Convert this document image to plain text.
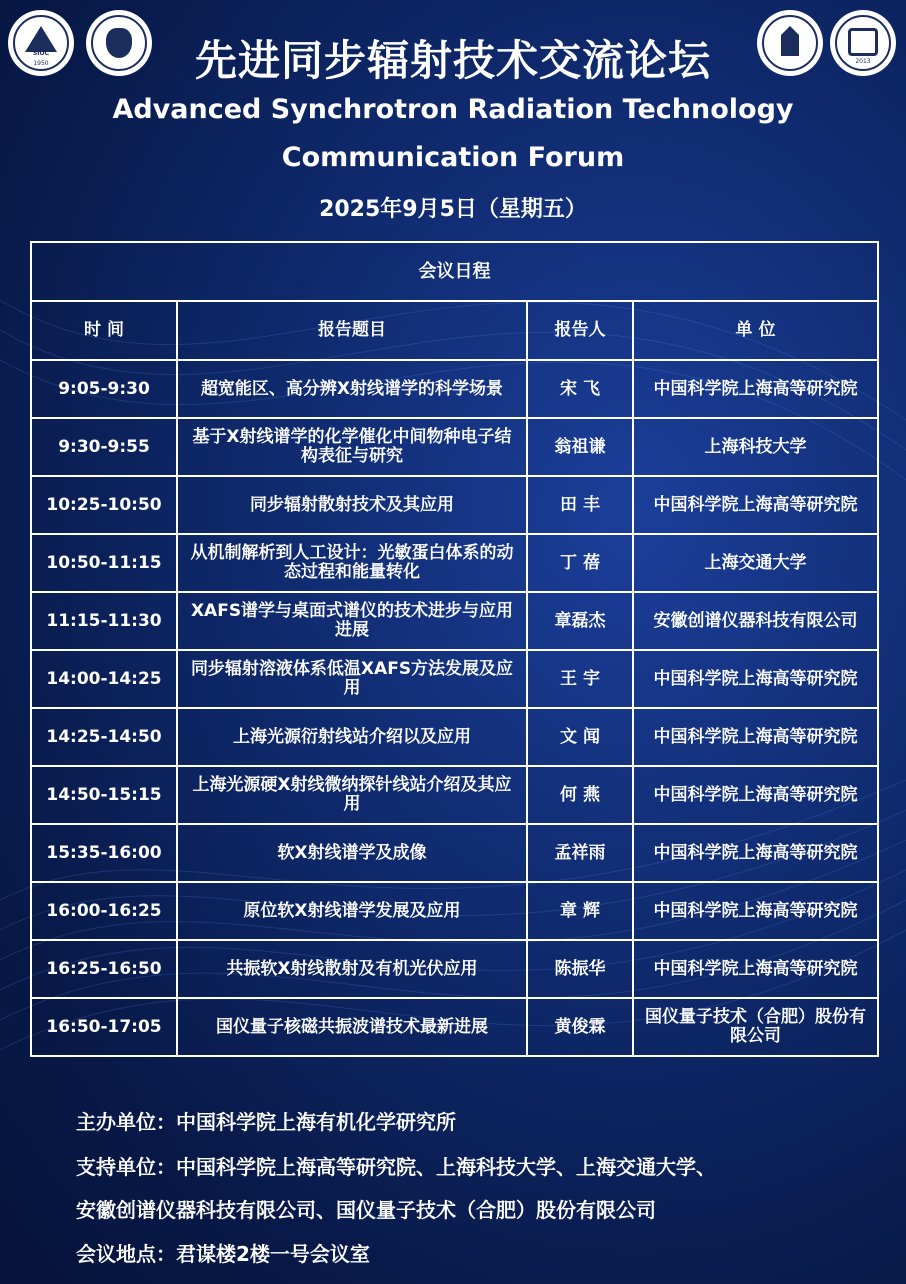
1950
SIOC
2013
先进同步辐射技术交流论坛
Advanced Synchrotron Radiation Technology
Communication Forum
2025年9月5日（星期五）
会议日程			
时 间	报告题目	报告人	单 位
9:05-9:30	超宽能区、高分辨X射线谱学的科学场景	宋 飞	中国科学院上海高等研究院
9:30-9:55	基于X射线谱学的化学催化中间物种电子结构表征与研究	翁祖谦	上海科技大学
10:25-10:50	同步辐射散射技术及其应用	田 丰	中国科学院上海高等研究院
10:50-11:15	从机制解析到人工设计：光敏蛋白体系的动态过程和能量转化	丁 蓓	上海交通大学
11:15-11:30	XAFS谱学与桌面式谱仪的技术进步与应用进展	章磊杰	安徽创谱仪器科技有限公司
14:00-14:25	同步辐射溶液体系低温XAFS方法发展及应用	王 宇	中国科学院上海高等研究院
14:25-14:50	上海光源衍射线站介绍以及应用	文 闻	中国科学院上海高等研究院
14:50-15:15	上海光源硬X射线微纳探针线站介绍及其应用	何 燕	中国科学院上海高等研究院
15:35-16:00	软X射线谱学及成像	孟祥雨	中国科学院上海高等研究院
16:00-16:25	原位软X射线谱学发展及应用	章 辉	中国科学院上海高等研究院
16:25-16:50	共振软X射线散射及有机光伏应用	陈振华	中国科学院上海高等研究院
16:50-17:05	国仪量子核磁共振波谱技术最新进展	黄俊霖	国仪量子技术（合肥）股份有限公司
主办单位：中国科学院上海有机化学研究所
支持单位：中国科学院上海高等研究院、上海科技大学、上海交通大学、
安徽创谱仪器科技有限公司、国仪量子技术（合肥）股份有限公司
会议地点：君谋楼2楼一号会议室
